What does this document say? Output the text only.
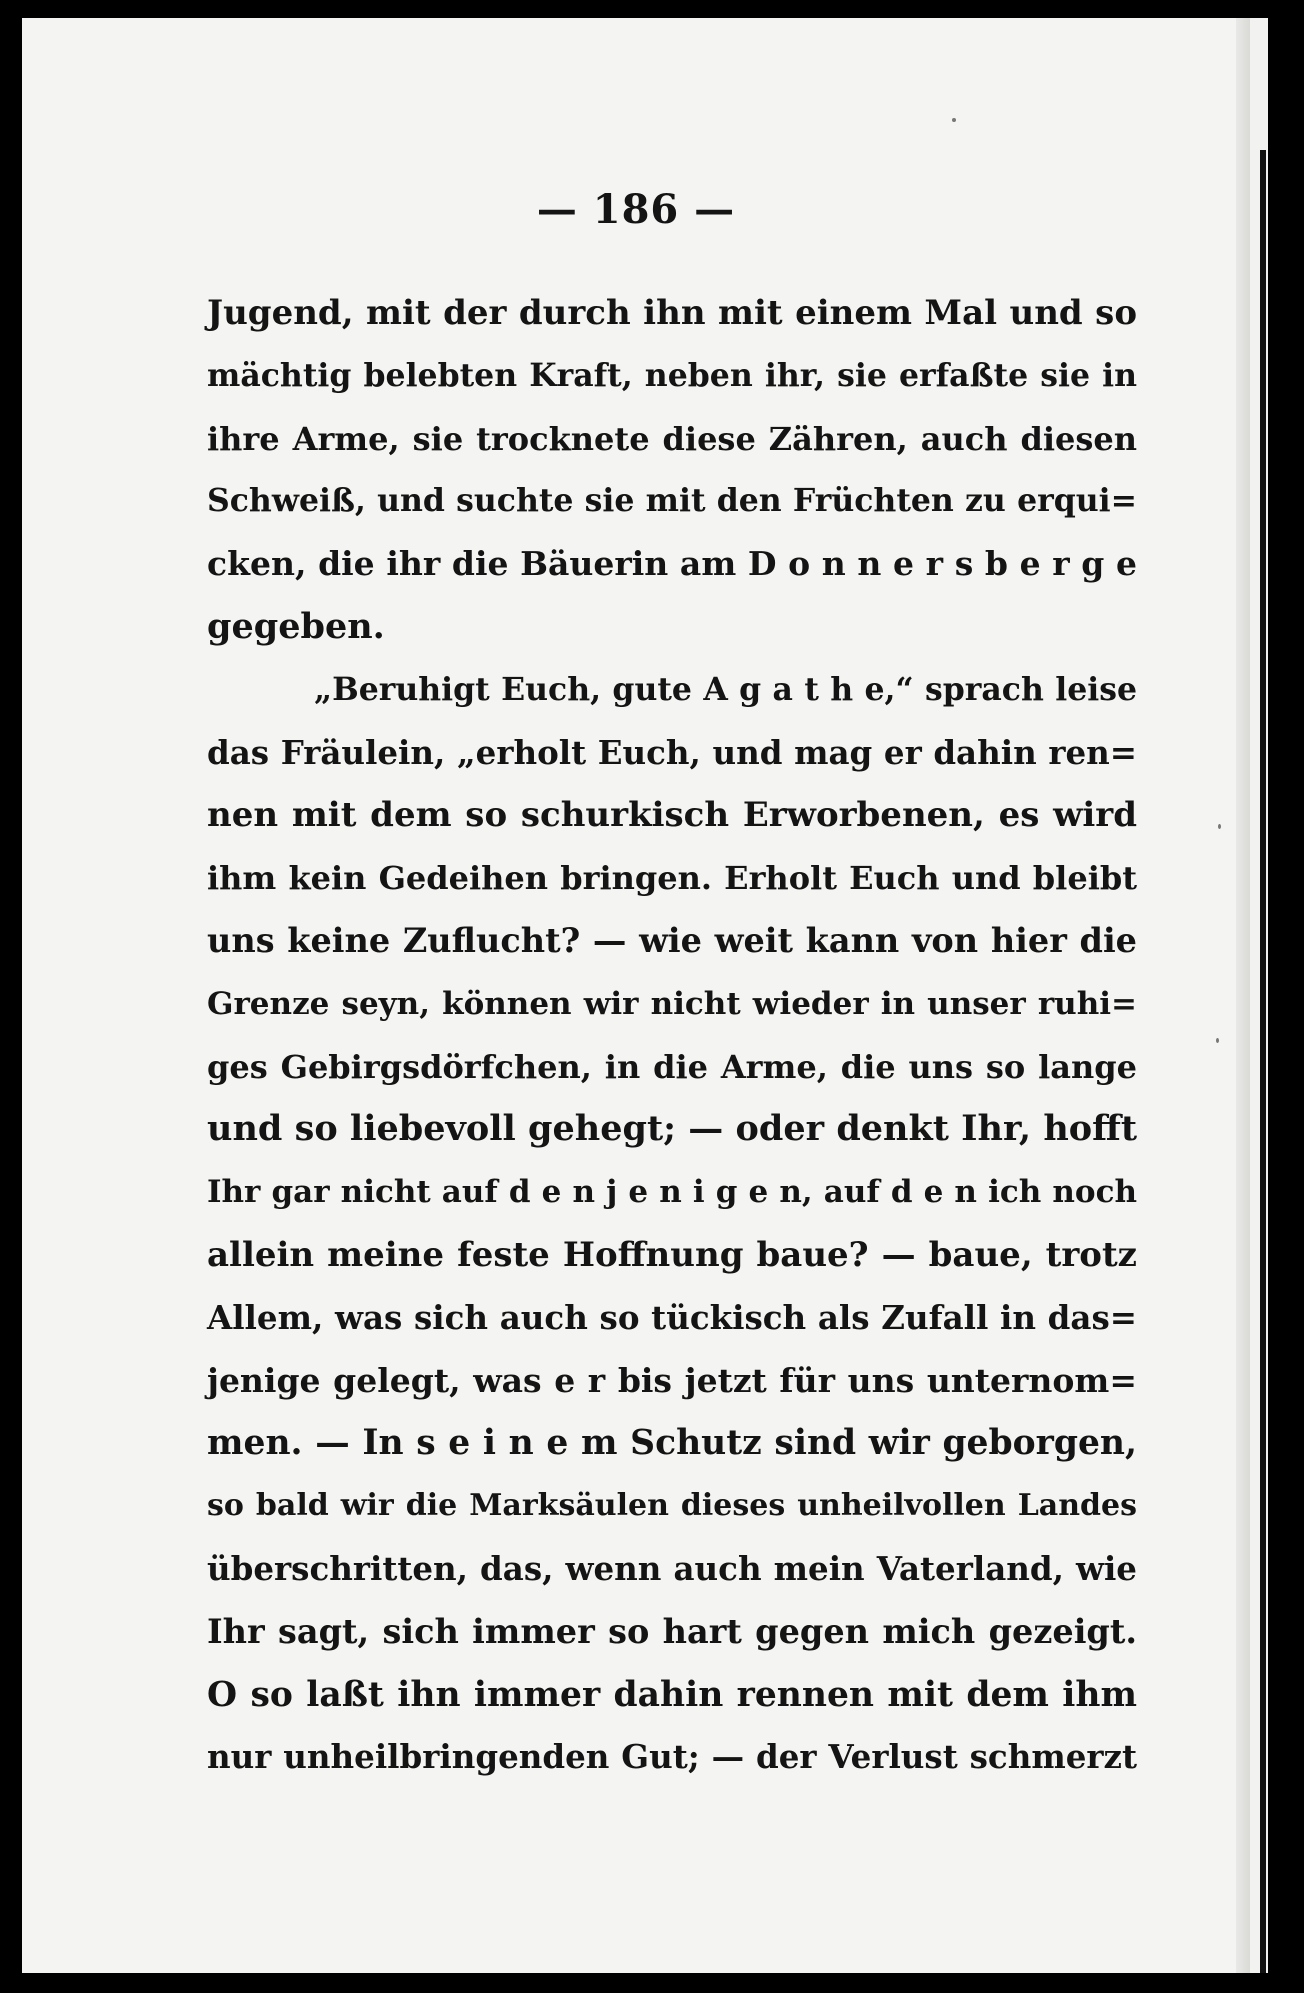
— 186 —
Jugend, mit der durch ihn mit einem Mal und so
mächtig belebten Kraft, neben ihr, sie erfaßte sie in
ihre Arme, sie trocknete diese Zähren, auch diesen
Schweiß, und suchte sie mit den Früchten zu erqui=
cken, die ihr die Bäuerin am D o n n e r s b e r g e
gegeben.
„Beruhigt Euch, gute A g a t h e,“ sprach leise
das Fräulein, „erholt Euch, und mag er dahin ren=
nen mit dem so schurkisch Erworbenen, es wird
ihm kein Gedeihen bringen. Erholt Euch und bleibt
uns keine Zuflucht? — wie weit kann von hier die
Grenze seyn, können wir nicht wieder in unser ruhi=
ges Gebirgsdörfchen, in die Arme, die uns so lange
und so liebevoll gehegt; — oder denkt Ihr, hofft
Ihr gar nicht auf d e n j e n i g e n, auf d e n ich noch
allein meine feste Hoffnung baue? — baue, trotz
Allem, was sich auch so tückisch als Zufall in das=
jenige gelegt, was e r bis jetzt für uns unternom=
men. — In s e i n e m Schutz sind wir geborgen,
so bald wir die Marksäulen dieses unheilvollen Landes
überschritten, das, wenn auch mein Vaterland, wie
Ihr sagt, sich immer so hart gegen mich gezeigt.
O so laßt ihn immer dahin rennen mit dem ihm
nur unheilbringenden Gut; — der Verlust schmerzt
